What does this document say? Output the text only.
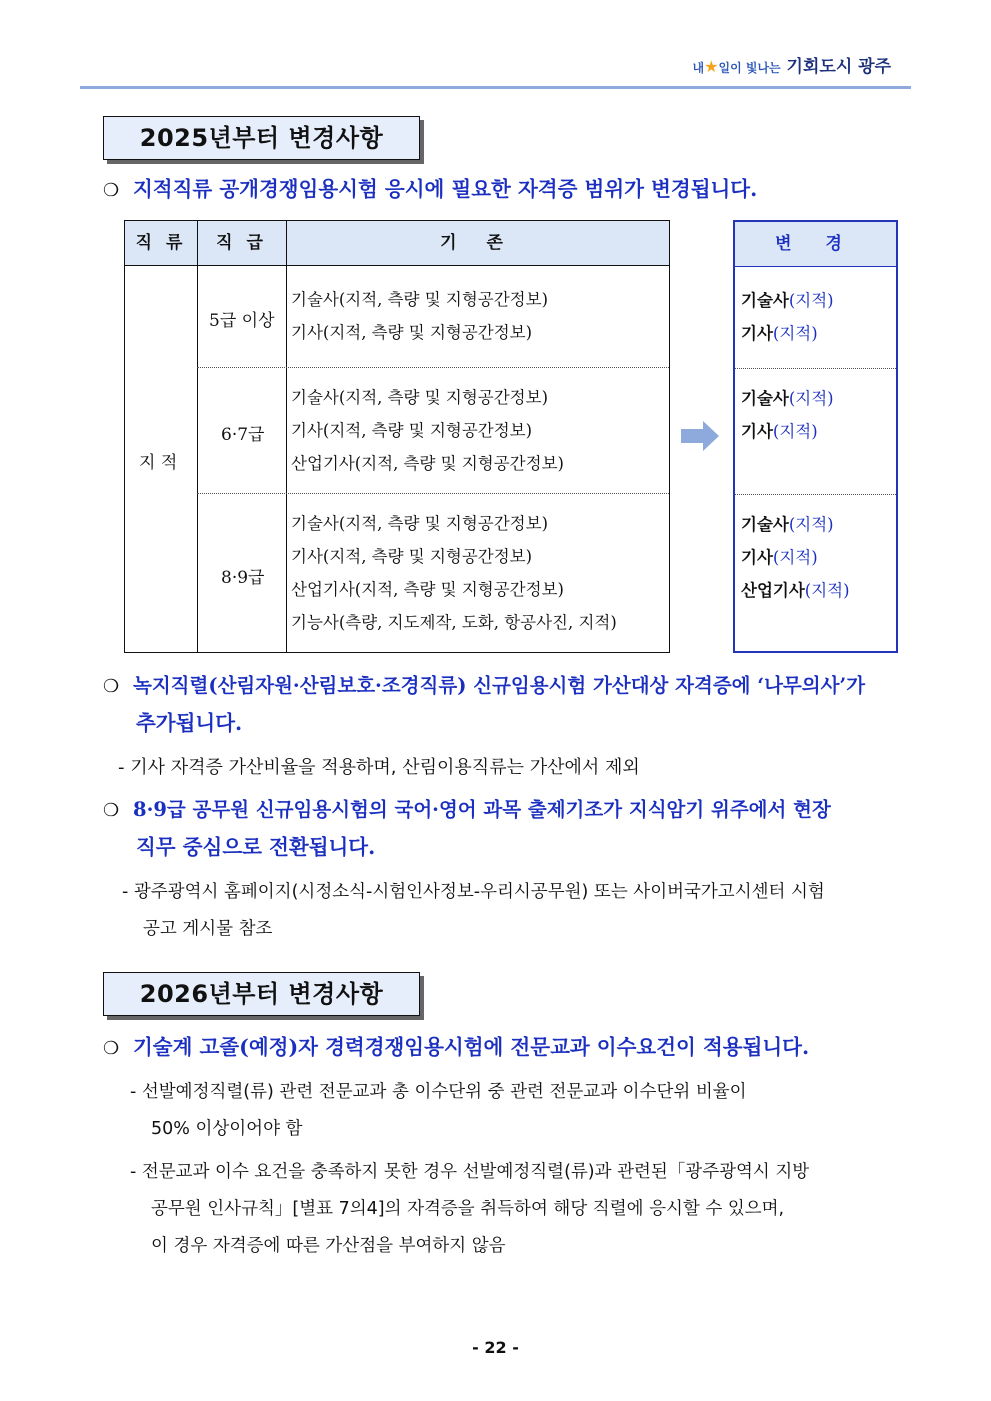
내★일이 빛나는 기회도시 광주
2025년부터 변경사항
❍ 지적직류 공개경쟁임용시험 응시에 필요한 자격증 범위가 변경됩니다.
직 류	직 급	기 존
지 적
5급 이상
6·7급
8·9급
기술사(지적, 측량 및 지형공간정보)
기사(지적, 측량 및 지형공간정보)
기술사(지적, 측량 및 지형공간정보)
기사(지적, 측량 및 지형공간정보)
산업기사(지적, 측량 및 지형공간정보)
기술사(지적, 측량 및 지형공간정보)
기사(지적, 측량 및 지형공간정보)
산업기사(지적, 측량 및 지형공간정보)
기능사(측량, 지도제작, 도화, 항공사진, 지적)
변 경
기술사(지적)
기사(지적)
기술사(지적)
기사(지적)
기술사(지적)
기사(지적)
산업기사(지적)
❍ 녹지직렬(산림자원·산림보호·조경직류) 신규임용시험 가산대상 자격증에 ‘나무의사’가
추가됩니다.
- 기사 자격증 가산비율을 적용하며, 산림이용직류는 가산에서 제외
❍ 8·9급 공무원 신규임용시험의 국어·영어 과목 출제기조가 지식암기 위주에서 현장
직무 중심으로 전환됩니다.
- 광주광역시 홈페이지(시정소식-시험인사정보-우리시공무원) 또는 사이버국가고시센터 시험
공고 게시물 참조
2026년부터 변경사항
❍ 기술계 고졸(예정)자 경력경쟁임용시험에 전문교과 이수요건이 적용됩니다.
- 선발예정직렬(류) 관련 전문교과 총 이수단위 중 관련 전문교과 이수단위 비율이
50% 이상이어야 함
- 전문교과 이수 요건을 충족하지 못한 경우 선발예정직렬(류)과 관련된「광주광역시 지방
공무원 인사규칙」[별표 7의4]의 자격증을 취득하여 해당 직렬에 응시할 수 있으며,
이 경우 자격증에 따른 가산점을 부여하지 않음
- 22 -
